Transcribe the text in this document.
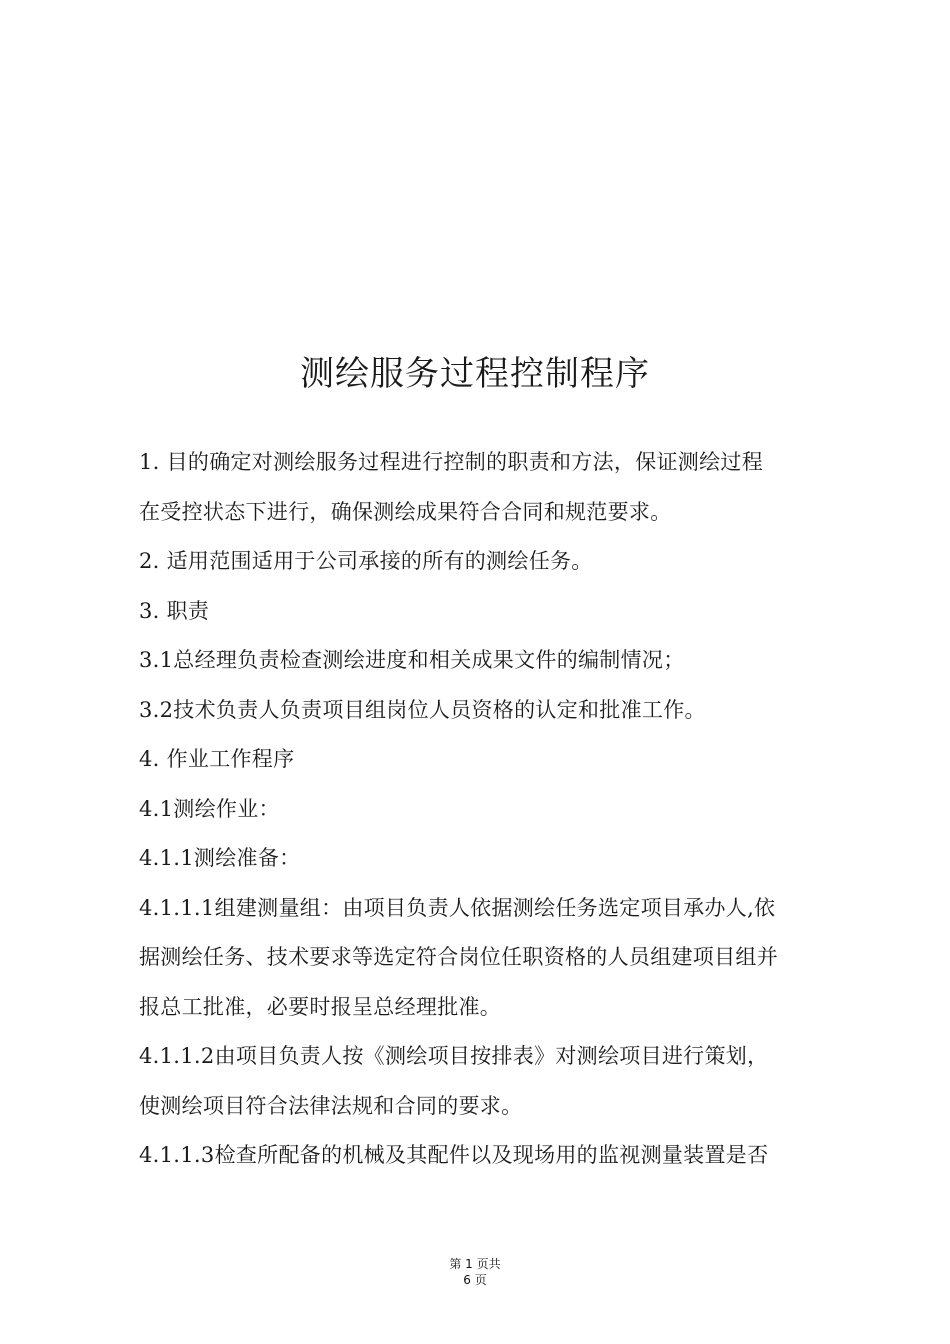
测绘服务过程控制程序
1. 目的确定对测绘服务过程进行控制的职责和方法，保证测绘过程
在受控状态下进行，确保测绘成果符合合同和规范要求。
2. 适用范围适用于公司承接的所有的测绘任务。
3. 职责
3.1总经理负责检查测绘进度和相关成果文件的编制情况；
3.2技术负责人负责项目组岗位人员资格的认定和批准工作。
4. 作业工作程序
4.1测绘作业：
4.1.1测绘准备：
4.1.1.1组建测量组：由项目负责人依据测绘任务选定项目承办人,依
据测绘任务、技术要求等选定符合岗位任职资格的人员组建项目组并
报总工批准，必要时报呈总经理批准。
4.1.1.2由项目负责人按《测绘项目按排表》对测绘项目进行策划，
使测绘项目符合法律法规和合同的要求。
4.1.1.3检查所配备的机械及其配件以及现场用的监视测量装置是否
第 1 页共
6 页
